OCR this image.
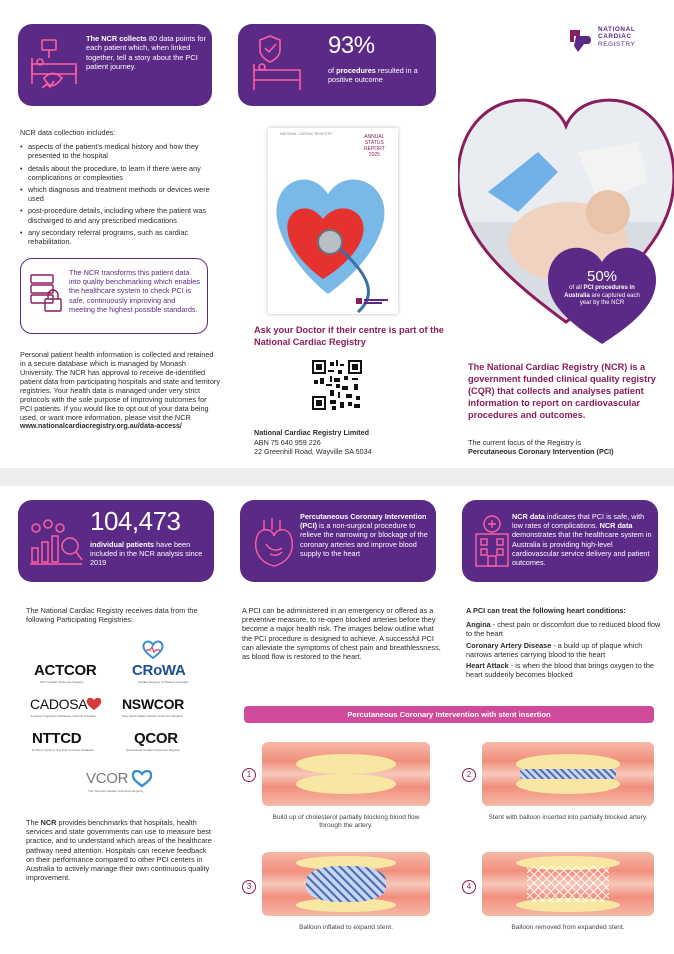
The NCR collects 80 data points for each patient which, when linked together, tell a story about the PCI patient journey.
93%
of procedures resulted in a positive outcome
NATIONAL
CARDIAC
REGISTRY
50%
of all PCI procedures in Australia are captured each year by the NCR
NCR data collection includes:
• aspects of the patient's medical history and how they presented to the hospital
• details about the procedure, to learn if there were any complications or complexities
• which diagnosis and treatment methods or devices were used
• post-procedure details, including where the patient was discharged to and any prescribed medications
• any secondary referral programs, such as cardiac rehabilitation.
The NCR transforms this patient data into quality benchmarking which enables the healthcare system to check PCI is safe, continuously improving and meeting the highest possible standards.
Personal patient health information is collected and retained in a secure database which is managed by Monash University. The NCR has approval to receive de-identified patient data from participating hospitals and state and territory registries. Your health data is managed under very strict protocols with the sole purpose of improving outcomes for PCI patients. If you would like to opt out of your data being used, or want more information, please visit the NCR
www.nationalcardiacregistry.org.au/data-access/
NATIONAL CARDIAC REGISTRY	ANNUAL
STATUS
REPORT
2025
Ask your Doctor if their centre is part of the National Cardiac Registry
National Cardiac Registry Limited
ABN 75 640 959 226
22 Greenhill Road, Wayville SA 5034
The National Cardiac Registry (NCR) is a government funded clinical quality registry (CQR) that collects and analyses patient information to report on cardiovascular procedures and outcomes.
The current focus of the Registry is
Percutaneous Coronary Intervention (PCI)
104,473
individual patients have been included in the NCR analysis since 2019
Percutaneous Coronary Intervention (PCI) is a non-surgical procedure to relieve the narrowing or blockage of the coronary arteries and improve blood supply to the heart
NCR data indicates that PCI is safe, with low rates of complications. NCR data demonstrates that the healthcare system in Australia is providing high-level cardiovascular service delivery and patient outcomes.
The National Cardiac Registry receives data from the following Participating Registries:
ACTCOR
ACT Cardiac Outcomes Registry
CRoWA
Cardiac Registry of Western Australia
CADOSA
Coronary Angiogram Database of South Australia
NSWCOR
New South Wales Cardiac Outcomes Registry
NTTCD
Northern Territory Top End Coronary Database
QCOR
Queensland Cardiac Outcomes Registry
VCOR
The Victorian Cardiac Outcomes Registry
The NCR provides benchmarks that hospitals, health services and state governments can use to measure best practice, and to understand which areas of the healthcare pathway need attention. Hospitals can receive feedback on their performance compared to other PCI centers in Australia to actively manage their own continuous quality improvement.
A PCI can be administered in an emergency or offered as a preventive measure, to re-open blocked arteries before they become a major health risk. The images below outline what the PCI procedure is designed to achieve. A successful PCI can alleviate the symptoms of chest pain and breathlessness, as blood flow is restored to the heart.
A PCI can treat the following heart conditions:
Angina - chest pain or discomfort due to reduced blood flow to the heart
Coronary Artery Disease - a build up of plaque which narrows arteries carrying blood to the heart
Heart Attack - is when the blood that brings oxygen to the heart suddenly becomes blocked
Percutaneous Coronary Intervention with stent insertion
1
Build up of cholesterol partially blocking blood flow through the artery.
2
Stent with balloon inserted into partially blocked artery.
3
Balloon inflated to expand stent.
4
Balloon removed from expanded stent.
